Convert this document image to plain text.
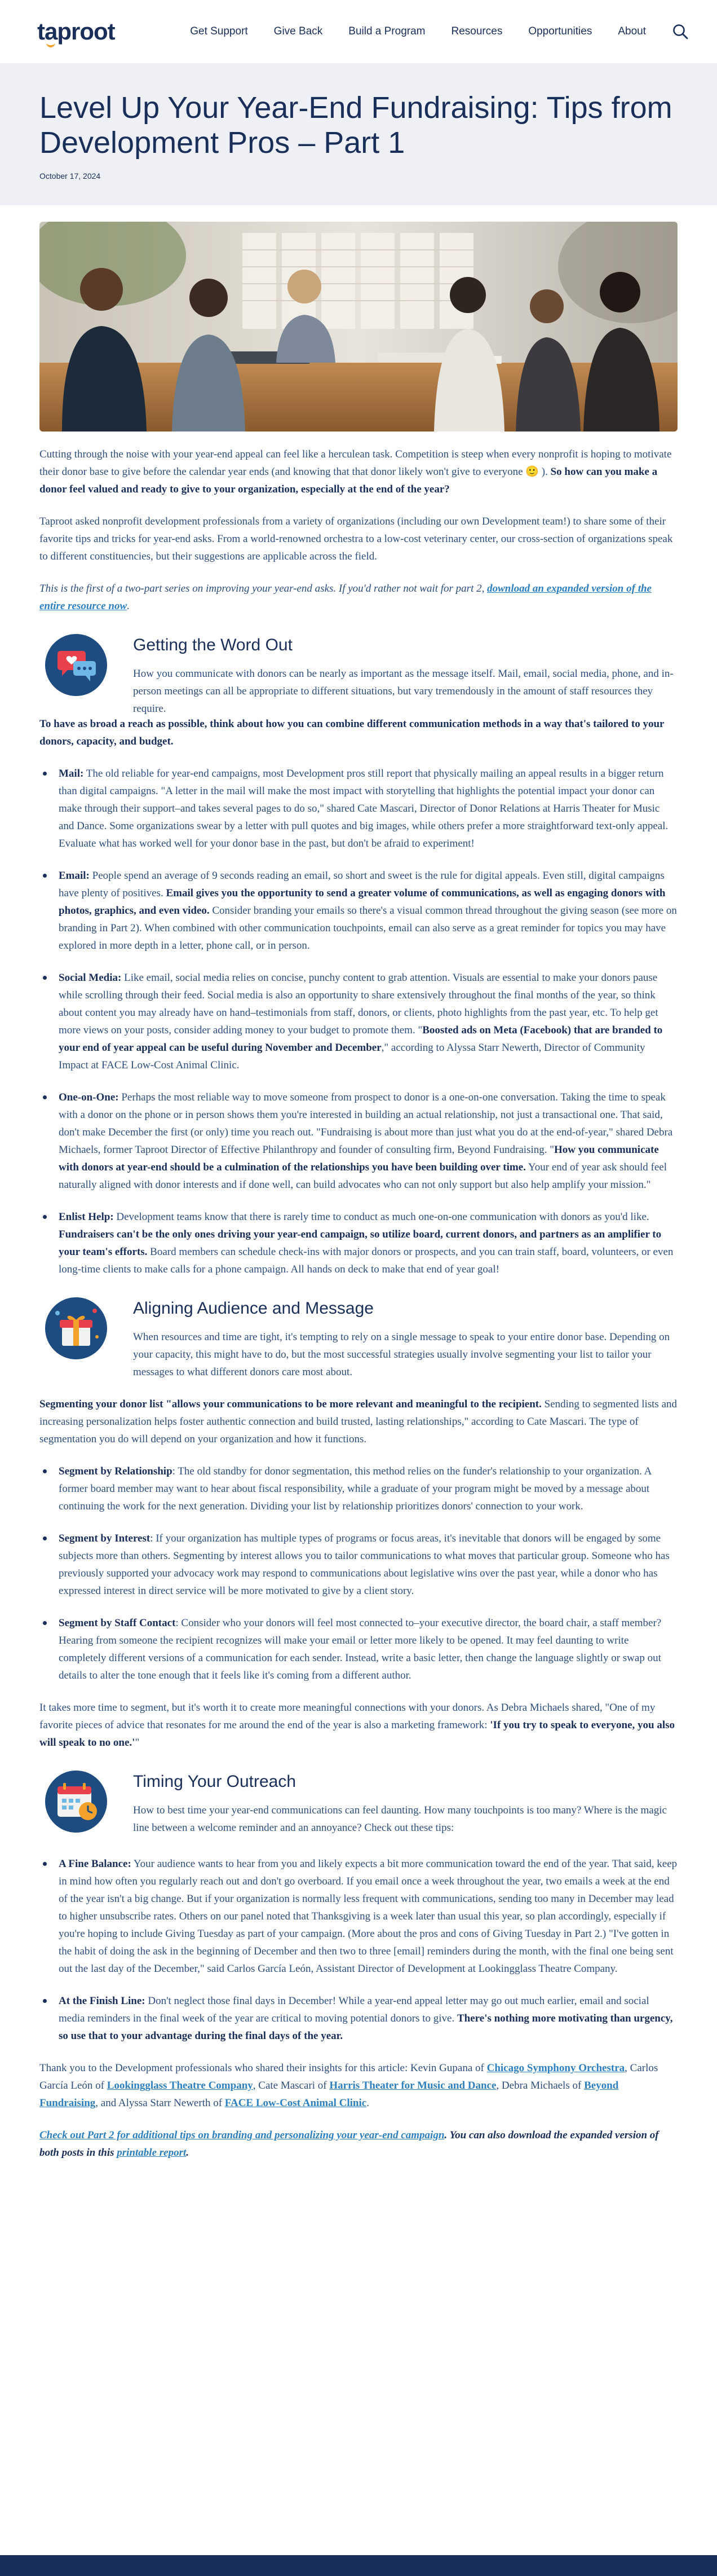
t a proot	Get Support Give Back Build a Program Resources Opportunities About
Level Up Your Year-End Fundraising: Tips from Development Pros – Part 1
October 17, 2024

Cutting through the noise with your year-end appeal can feel like a herculean task. Competition is steep when every nonprofit is hoping to motivate their donor base to give before the calendar year ends (and knowing that that donor likely won't give to everyone 🙂 ). So how can you make a donor feel valued and ready to give to your organization, especially at the end of the year?

Taproot asked nonprofit development professionals from a variety of organizations (including our own Development team!) to share some of their favorite tips and tricks for year-end asks. From a world-renowned orchestra to a low-cost veterinary center, our cross-section of organizations speak to different constituencies, but their suggestions are applicable across the field.

This is the first of a two-part series on improving your year-end asks. If you'd rather not wait for part 2, download an expanded version of the entire resource now.

Getting the Word Out

How you communicate with donors can be nearly as important as the message itself. Mail, email, social media, phone, and in-person meetings can all be appropriate to different situations, but vary tremendously in the amount of staff resources they require.

To have as broad a reach as possible, think about how you can combine different communication methods in a way that's tailored to your donors, capacity, and budget.

Mail: The old reliable for year-end campaigns, most Development pros still report that physically mailing an appeal results in a bigger return than digital campaigns. "A letter in the mail will make the most impact with storytelling that highlights the potential impact your donor can make through their support–and takes several pages to do so," shared Cate Mascari, Director of Donor Relations at Harris Theater for Music and Dance. Some organizations swear by a letter with pull quotes and big images, while others prefer a more straightforward text-only appeal. Evaluate what has worked well for your donor base in the past, but don't be afraid to experiment!
Email: People spend an average of 9 seconds reading an email, so short and sweet is the rule for digital appeals. Even still, digital campaigns have plenty of positives. Email gives you the opportunity to send a greater volume of communications, as well as engaging donors with photos, graphics, and even video. Consider branding your emails so there's a visual common thread throughout the giving season (see more on branding in Part 2). When combined with other communication touchpoints, email can also serve as a great reminder for topics you may have explored in more depth in a letter, phone call, or in person.
Social Media: Like email, social media relies on concise, punchy content to grab attention. Visuals are essential to make your donors pause while scrolling through their feed. Social media is also an opportunity to share extensively throughout the final months of the year, so think about content you may already have on hand–testimonials from staff, donors, or clients, photo highlights from the past year, etc. To help get more views on your posts, consider adding money to your budget to promote them. "Boosted ads on Meta (Facebook) that are branded to your end of year appeal can be useful during November and December," according to Alyssa Starr Newerth, Director of Community Impact at FACE Low-Cost Animal Clinic.
One-on-One: Perhaps the most reliable way to move someone from prospect to donor is a one-on-one conversation. Taking the time to speak with a donor on the phone or in person shows them you're interested in building an actual relationship, not just a transactional one. That said, don't make December the first (or only) time you reach out. "Fundraising is about more than just what you do at the end-of-year," shared Debra Michaels, former Taproot Director of Effective Philanthropy and founder of consulting firm, Beyond Fundraising. "How you communicate with donors at year-end should be a culmination of the relationships you have been building over time. Your end of year ask should feel naturally aligned with donor interests and if done well, can build advocates who can not only support but also help amplify your mission."
Enlist Help: Development teams know that there is rarely time to conduct as much one-on-one communication with donors as you'd like. Fundraisers can't be the only ones driving your year-end campaign, so utilize board, current donors, and partners as an amplifier to your team's efforts. Board members can schedule check-ins with major donors or prospects, and you can train staff, board, volunteers, or even long-time clients to make calls for a phone campaign. All hands on deck to make that end of year goal!
Aligning Audience and Message

When resources and time are tight, it's tempting to rely on a single message to speak to your entire donor base. Depending on your capacity, this might have to do, but the most successful strategies usually involve segmenting your list to tailor your messages to what different donors care most about.

Segmenting your donor list "allows your communications to be more relevant and meaningful to the recipient. Sending to segmented lists and increasing personalization helps foster authentic connection and build trusted, lasting relationships," according to Cate Mascari. The type of segmentation you do will depend on your organization and how it functions.

Segment by Relationship: The old standby for donor segmentation, this method relies on the funder's relationship to your organization. A former board member may want to hear about fiscal responsibility, while a graduate of your program might be moved by a message about continuing the work for the next generation. Dividing your list by relationship prioritizes donors' connection to your work.
Segment by Interest: If your organization has multiple types of programs or focus areas, it's inevitable that donors will be engaged by some subjects more than others. Segmenting by interest allows you to tailor communications to what moves that particular group. Someone who has previously supported your advocacy work may respond to communications about legislative wins over the past year, while a donor who has expressed interest in direct service will be more motivated to give by a client story.
Segment by Staff Contact: Consider who your donors will feel most connected to–your executive director, the board chair, a staff member? Hearing from someone the recipient recognizes will make your email or letter more likely to be opened. It may feel daunting to write completely different versions of a communication for each sender. Instead, write a basic letter, then change the language slightly or swap out details to alter the tone enough that it feels like it's coming from a different author.

It takes more time to segment, but it's worth it to create more meaningful connections with your donors. As Debra Michaels shared, "One of my favorite pieces of advice that resonates for me around the end of the year is also a marketing framework: 'If you try to speak to everyone, you also will speak to no one.'"

Timing Your Outreach

How to best time your year-end communications can feel daunting. How many touchpoints is too many? Where is the magic line between a welcome reminder and an annoyance? Check out these tips:

A Fine Balance: Your audience wants to hear from you and likely expects a bit more communication toward the end of the year. That said, keep in mind how often you regularly reach out and don't go overboard. If you email once a week throughout the year, two emails a week at the end of the year isn't a big change. But if your organization is normally less frequent with communications, sending too many in December may lead to higher unsubscribe rates. Others on our panel noted that Thanksgiving is a week later than usual this year, so plan accordingly, especially if you're hoping to include Giving Tuesday as part of your campaign. (More about the pros and cons of Giving Tuesday in Part 2.) "I've gotten in the habit of doing the ask in the beginning of December and then two to three [email] reminders during the month, with the final one being sent out the last day of the December," said Carlos García León, Assistant Director of Development at Lookingglass Theatre Company.
At the Finish Line: Don't neglect those final days in December! While a year-end appeal letter may go out much earlier, email and social media reminders in the final week of the year are critical to moving potential donors to give. There's nothing more motivating than urgency, so use that to your advantage during the final days of the year.

Thank you to the Development professionals who shared their insights for this article: Kevin Gupana of Chicago Symphony Orchestra, Carlos García León of Lookingglass Theatre Company, Cate Mascari of Harris Theater for Music and Dance, Debra Michaels of Beyond Fundraising, and Alyssa Starr Newerth of FACE Low-Cost Animal Clinic.

Check out Part 2 for additional tips on branding and personalizing your year-end campaign. You can also download the expanded version of both posts in this printable report.
